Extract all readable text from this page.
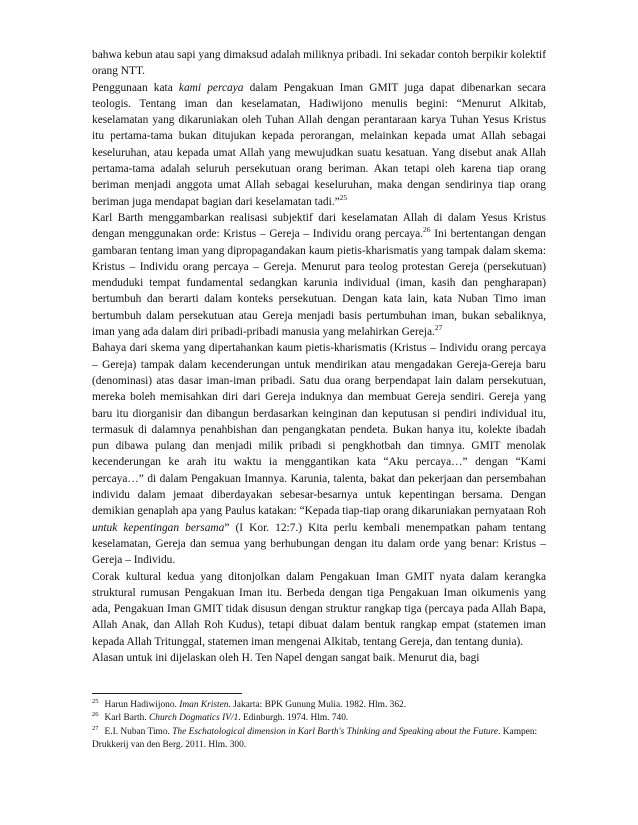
bahwa kebun atau sapi yang dimaksud adalah miliknya pribadi. Ini sekadar contoh berpikir kolektif orang NTT.

Penggunaan kata kami percaya dalam Pengakuan Iman GMIT juga dapat dibenarkan secara teologis. Tentang iman dan keselamatan, Hadiwijono menulis begini: “Menurut Alkitab, keselamatan yang dikaruniakan oleh Tuhan Allah dengan perantaraan karya Tuhan Yesus Kristus itu pertama-tama bukan ditujukan kepada perorangan, melainkan kepada umat Allah sebagai keseluruhan, atau kepada umat Allah yang mewujudkan suatu kesatuan. Yang disebut anak Allah pertama-tama adalah seluruh persekutuan orang beriman. Akan tetapi oleh karena tiap orang beriman menjadi anggota umat Allah sebagai keseluruhan, maka dengan sendirinya tiap orang beriman juga mendapat bagian dari keselamatan tadi.”$^{25}$

Karl Barth menggambarkan realisasi subjektif dari keselamatan Allah di dalam Yesus Kristus dengan menggunakan orde: Kristus – Gereja – Individu orang percaya.$^{26}$ Ini bertentangan dengan gambaran tentang iman yang dipropagandakan kaum pietis-kharismatis yang tampak dalam skema: Kristus – Individu orang percaya – Gereja. Menurut para teolog protestan Gereja (persekutuan) menduduki tempat fundamental sedangkan karunia individual (iman, kasih dan pengharapan) bertumbuh dan berarti dalam konteks persekutuan. Dengan kata lain, kata Nuban Timo iman bertumbuh dalam persekutuan atau Gereja menjadi basis pertumbuhan iman, bukan sebaliknya, iman yang ada dalam diri pribadi-pribadi manusia yang melahirkan Gereja.$^{27}$

Bahaya dari skema yang dipertahankan kaum pietis-kharismatis (Kristus – Individu orang percaya – Gereja) tampak dalam kecenderungan untuk mendirikan atau mengadakan Gereja-Gereja baru (denominasi) atas dasar iman-iman pribadi. Satu dua orang berpendapat lain dalam persekutuan, mereka boleh memisahkan diri dari Gereja induknya dan membuat Gereja sendiri. Gereja yang baru itu diorganisir dan dibangun berdasarkan keinginan dan keputusan si pendiri individual itu, termasuk di dalamnya penahbishan dan pengangkatan pendeta. Bukan hanya itu, kolekte ibadah pun dibawa pulang dan menjadi milik pribadi si pengkhotbah dan timnya. GMIT menolak kecenderungan ke arah itu waktu ia menggantikan kata “Aku percaya…” dengan “Kami percaya…” di dalam Pengakuan Imannya. Karunia, talenta, bakat dan pekerjaan dan persembahan individu dalam jemaat diberdayakan sebesar-besarnya untuk kepentingan bersama. Dengan demikian genaplah apa yang Paulus katakan: “Kepada tiap-tiap orang dikaruniakan pernyataan Roh untuk kepentingan bersama” (I Kor. 12:7.) Kita perlu kembali menempatkan paham tentang keselamatan, Gereja dan semua yang berhubungan dengan itu dalam orde yang benar: Kristus – Gereja – Individu.

Corak kultural kedua yang ditonjolkan dalam Pengakuan Iman GMIT nyata dalam kerangka struktural rumusan Pengakuan Iman itu. Berbeda dengan tiga Pengakuan Iman oikumenis yang ada, Pengakuan Iman GMIT tidak disusun dengan struktur rangkap tiga (percaya pada Allah Bapa, Allah Anak, dan Allah Roh Kudus), tetapi dibuat dalam bentuk rangkap empat (statemen iman kepada Allah Tritunggal, statemen iman mengenai Alkitab, tentang Gereja, dan tentang dunia).

Alasan untuk ini dijelaskan oleh H. Ten Napel dengan sangat baik. Menurut dia, bagi

$^{25}$ Harun Hadiwijono. Iman Kristen. Jakarta: BPK Gunung Mulia. 1982. Hlm. 362.

$^{26}$ Karl Barth. Church Dogmatics IV/1. Edinburgh. 1974. Hlm. 740.

$^{27}$ E.I. Nuban Timo. The Eschatological dimension in Karl Barth's Thinking and Speaking about the Future. Kampen: Drukkerij van den Berg. 2011. Hlm. 300.
